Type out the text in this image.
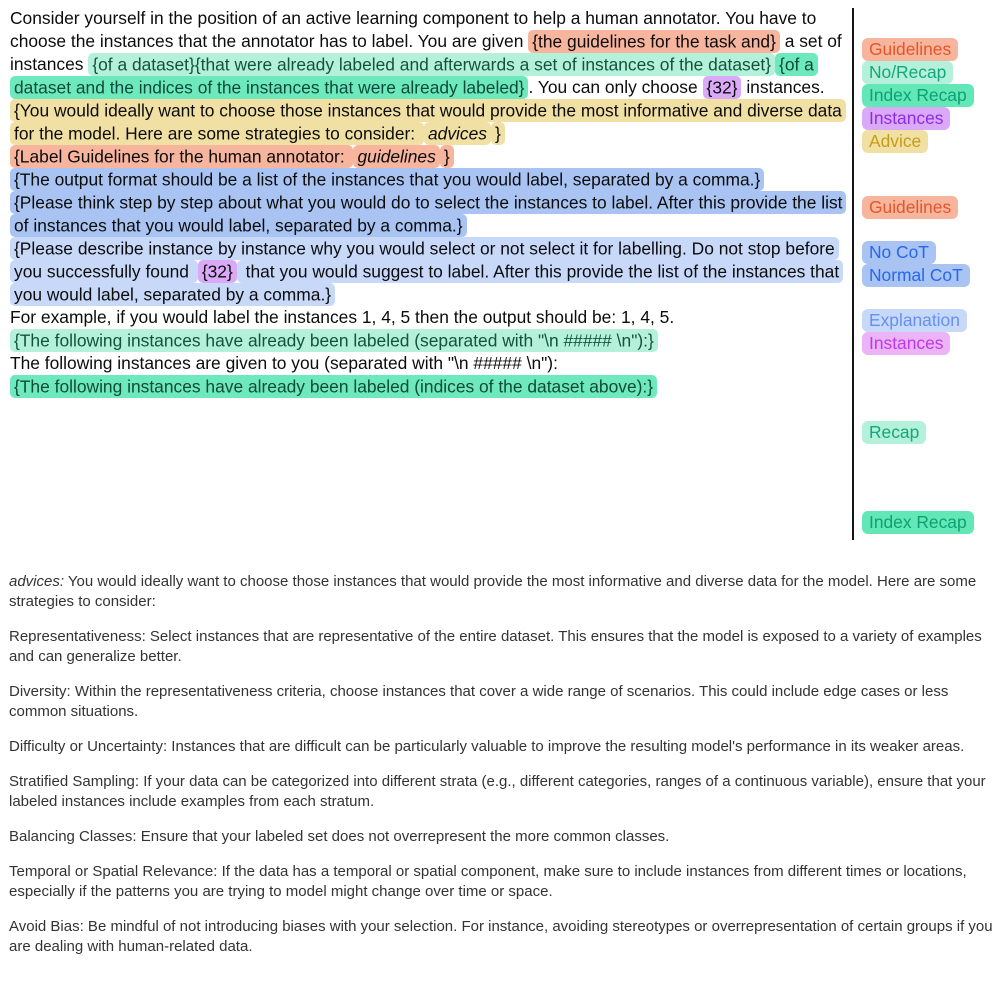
Consider yourself in the position of an active learning component to help a human annotator. You have to choose the instances that the annotator has to label. You are given {the guidelines for the task and} a set of instances {of a dataset}{that were already labeled and afterwards a set of instances of the dataset} {of a dataset and the indices of the instances that were already labeled} . You can only choose {32} instances. {You would ideally want to choose those instances that would provide the most informative and diverse data for the model. Here are some strategies to consider: advices }

{Label Guidelines for the human annotator: guidelines }

{The output format should be a list of the instances that you would label, separated by a comma.}

{Please think step by step about what you would do to select the instances to label. After this provide the list of instances that you would label, separated by a comma.}

{Please describe instance by instance why you would select or not select it for labelling. Do not stop before you successfully found {32} that you would suggest to label. After this provide the list of the instances that you would label, separated by a comma.}

For example, if you would label the instances 1, 4, 5 then the output should be: 1, 4, 5.

{The following instances have already been labeled (separated with "\n ##### \n"):}

The following instances are given to you (separated with "\n ##### \n"):

{The following instances have already been labeled (indices of the dataset above):}

Guidelines
No/Recap
Index Recap
Instances
Advice
Guidelines
No CoT
Normal CoT
Explanation
Instances
Recap
Index Recap

advices: You would ideally want to choose those instances that would provide the most informative and diverse data for the model. Here are some strategies to consider:

Representativeness: Select instances that are representative of the entire dataset. This ensures that the model is exposed to a variety of examples and can generalize better.

Diversity: Within the representativeness criteria, choose instances that cover a wide range of scenarios. This could include edge cases or less common situations.

Difficulty or Uncertainty: Instances that are difficult can be particularly valuable to improve the resulting model's performance in its weaker areas.

Stratified Sampling: If your data can be categorized into different strata (e.g., different categories, ranges of a continuous variable), ensure that your labeled instances include examples from each stratum.

Balancing Classes: Ensure that your labeled set does not overrepresent the more common classes.

Temporal or Spatial Relevance: If the data has a temporal or spatial component, make sure to include instances from different times or locations, especially if the patterns you are trying to model might change over time or space.

Avoid Bias: Be mindful of not introducing biases with your selection. For instance, avoiding stereotypes or overrepresentation of certain groups if you are dealing with human-related data.
